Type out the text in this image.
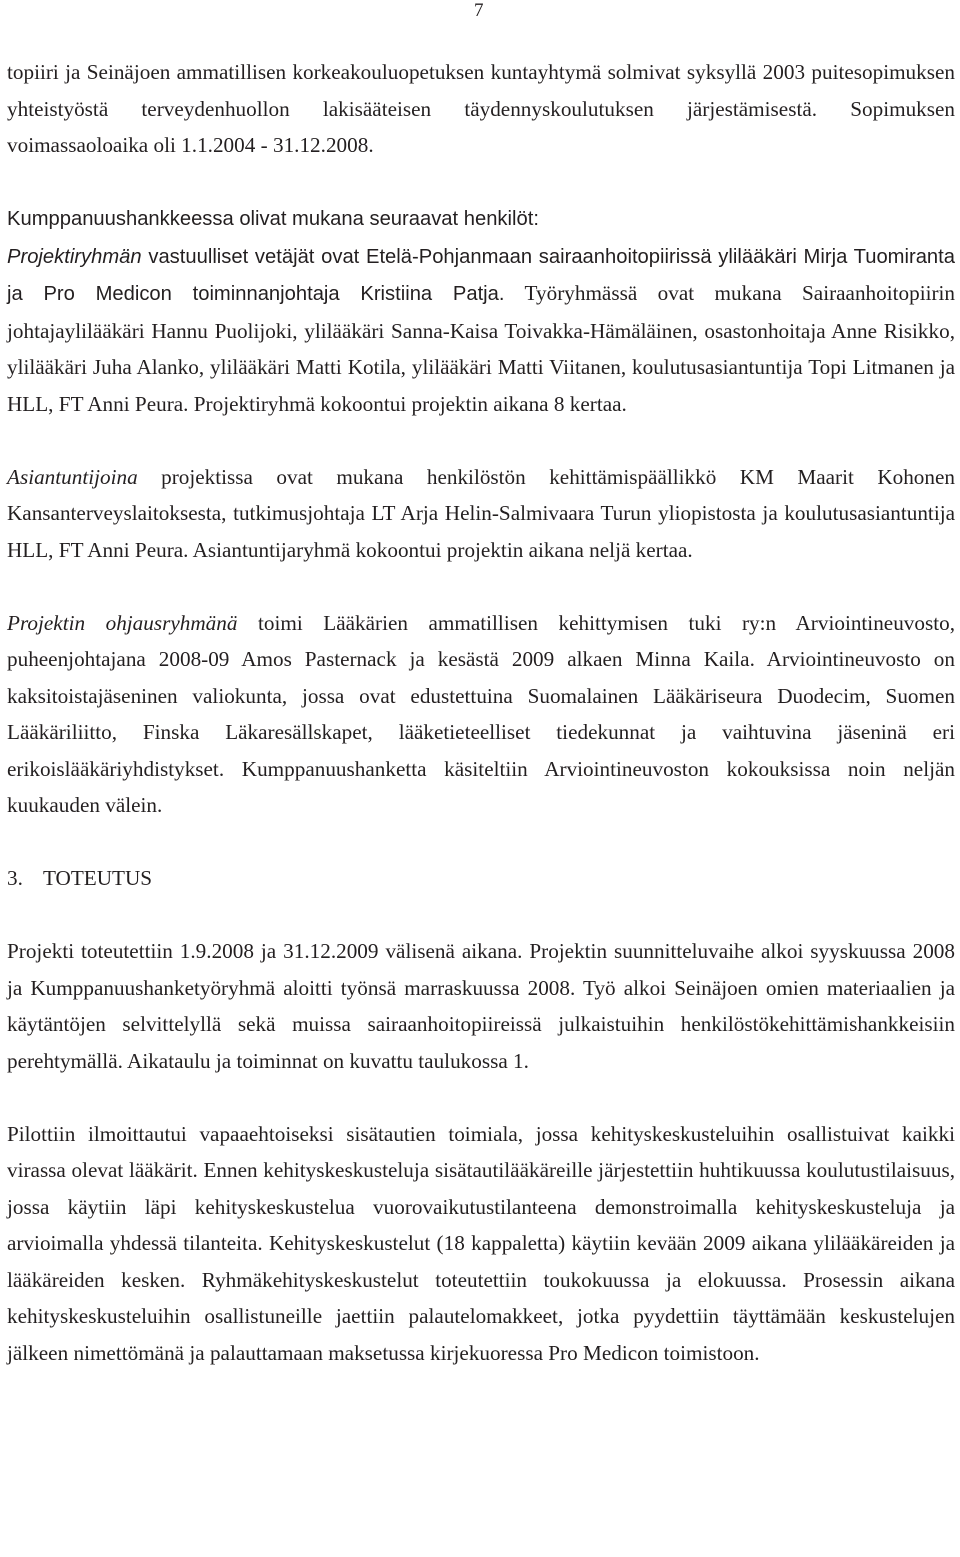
7

topiiri ja Seinäjoen ammatillisen korkeakouluopetuksen kuntayhtymä solmivat syksyllä 2003 puitesopimuksen yhteistyöstä terveydenhuollon lakisääteisen täydennyskoulutuksen järjestämisestä. Sopimuksen voimassaoloaika oli 1.1.2004 - 31.12.2008.

Kumppanuushankkeessa olivat mukana seuraavat henkilöt:
Projektiryhmän vastuulliset vetäjät ovat Etelä-Pohjanmaan sairaanhoitopiirissä ylilääkäri Mirja Tuomiranta ja Pro Medicon toiminnanjohtaja Kristiina Patja. Työryhmässä ovat mukana Sairaanhoitopiirin johtajaylilääkäri Hannu Puolijoki, ylilääkäri Sanna-Kaisa Toivakka-Hämäläinen, osastonhoitaja Anne Risikko, ylilääkäri Juha Alanko, ylilääkäri Matti Kotila, ylilääkäri Matti Viitanen, koulutusasiantuntija Topi Litmanen ja HLL, FT Anni Peura. Projektiryhmä kokoontui projektin aikana 8 kertaa.

Asiantuntijoina projektissa ovat mukana henkilöstön kehittämispäällikkö KM Maarit Kohonen Kansanterveyslaitoksesta, tutkimusjohtaja LT Arja Helin-Salmivaara Turun yliopistosta ja koulutusasiantuntija HLL, FT Anni Peura. Asiantuntijaryhmä kokoontui projektin aikana neljä kertaa.

Projektin ohjausryhmänä toimi Lääkärien ammatillisen kehittymisen tuki ry:n Arviointineuvosto, puheenjohtajana 2008-09 Amos Pasternack ja kesästä 2009 alkaen Minna Kaila. Arviointineuvosto on kaksitoistajäseninen valiokunta, jossa ovat edustettuina Suomalainen Lääkäriseura Duodecim, Suomen Lääkäriliitto, Finska Läkaresällskapet, lääketieteelliset tiedekunnat ja vaihtuvina jäseninä eri erikoislääkäriyhdistykset. Kumppanuushanketta käsiteltiin Arviointineuvoston kokouksissa noin neljän kuukauden välein.

3. TOTEUTUS

Projekti toteutettiin 1.9.2008 ja 31.12.2009 välisenä aikana. Projektin suunnitteluvaihe alkoi syyskuussa 2008 ja Kumppanuushanketyöryhmä aloitti työnsä marraskuussa 2008. Työ alkoi Seinäjoen omien materiaalien ja käytäntöjen selvittelyllä sekä muissa sairaanhoitopiireissä julkaistuihin henkilöstökehittämishankkeisiin perehtymällä. Aikataulu ja toiminnat on kuvattu taulukossa 1.

Pilottiin ilmoittautui vapaaehtoiseksi sisätautien toimiala, jossa kehityskeskusteluihin osallistuivat kaikki virassa olevat lääkärit. Ennen kehityskeskusteluja sisätautilääkäreille järjestettiin huhtikuussa koulutustilaisuus, jossa käytiin läpi kehityskeskustelua vuorovaikutustilanteena demonstroimalla kehityskeskusteluja ja arvioimalla yhdessä tilanteita. Kehityskeskustelut (18 kappaletta) käytiin kevään 2009 aikana ylilääkäreiden ja lääkäreiden kesken. Ryhmäkehityskeskustelut toteutettiin toukokuussa ja elokuussa. Prosessin aikana kehityskeskusteluihin osallistuneille jaettiin palautelomakkeet, jotka pyydettiin täyttämään keskustelujen jälkeen nimettömänä ja palauttamaan maksetussa kirjekuoressa Pro Medicon toimistoon.
